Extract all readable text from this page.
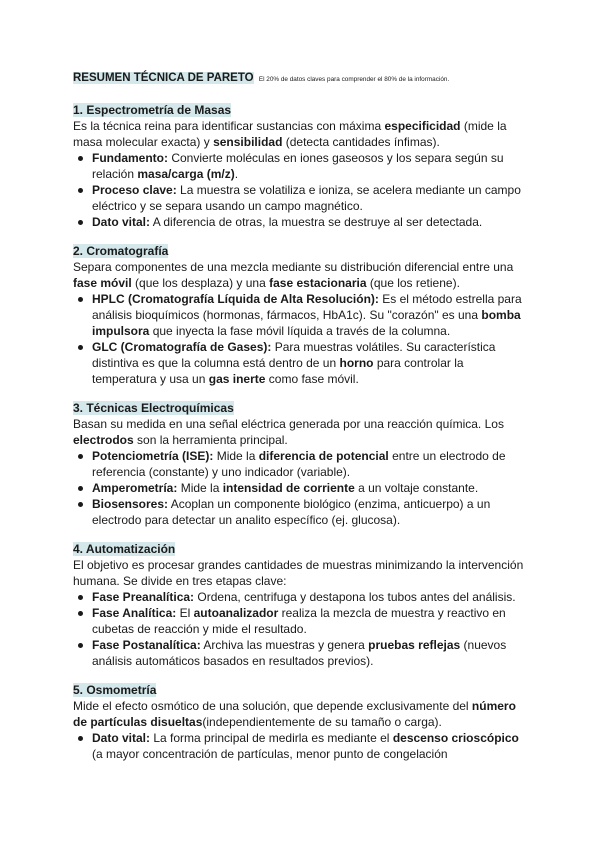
RESUMEN TÉCNICA DE PARETO El 20% de datos claves para comprender el 80% de la información.
1. Espectrometría de Masas
Es la técnica reina para identificar sustancias con máxima especificidad (mide la masa molecular exacta) y sensibilidad (detecta cantidades ínfimas).
Fundamento: Convierte moléculas en iones gaseosos y los separa según su relación masa/carga (m/z).
Proceso clave: La muestra se volatiliza e ioniza, se acelera mediante un campo eléctrico y se separa usando un campo magnético.
Dato vital: A diferencia de otras, la muestra se destruye al ser detectada.
2. Cromatografía
Separa componentes de una mezcla mediante su distribución diferencial entre una fase móvil (que los desplaza) y una fase estacionaria (que los retiene).
HPLC (Cromatografía Líquida de Alta Resolución): Es el método estrella para análisis bioquímicos (hormonas, fármacos, HbA1c). Su "corazón" es una bomba impulsora que inyecta la fase móvil líquida a través de la columna.
GLC (Cromatografía de Gases): Para muestras volátiles. Su característica distintiva es que la columna está dentro de un horno para controlar la temperatura y usa un gas inerte como fase móvil.
3. Técnicas Electroquímicas
Basan su medida en una señal eléctrica generada por una reacción química. Los electrodos son la herramienta principal.
Potenciometría (ISE): Mide la diferencia de potencial entre un electrodo de referencia (constante) y uno indicador (variable).
Amperometría: Mide la intensidad de corriente a un voltaje constante.
Biosensores: Acoplan un componente biológico (enzima, anticuerpo) a un electrodo para detectar un analito específico (ej. glucosa).
4. Automatización
El objetivo es procesar grandes cantidades de muestras minimizando la intervención humana. Se divide en tres etapas clave:
Fase Preanalítica: Ordena, centrifuga y destapona los tubos antes del análisis.
Fase Analítica: El autoanalizador realiza la mezcla de muestra y reactivo en cubetas de reacción y mide el resultado.
Fase Postanalítica: Archiva las muestras y genera pruebas reflejas (nuevos análisis automáticos basados en resultados previos).
5. Osmometría
Mide el efecto osmótico de una solución, que depende exclusivamente del número de partículas disueltas(independientemente de su tamaño o carga).
Dato vital: La forma principal de medirla es mediante el descenso crioscópico (a mayor concentración de partículas, menor punto de congelación
